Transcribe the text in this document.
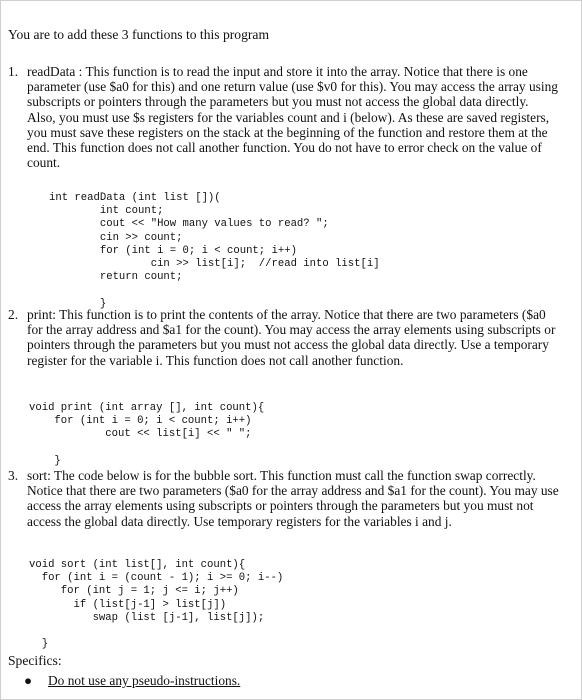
You are to add these 3 functions to this program
1. readData : This function is to read the input and store it into the array. Notice that there is one parameter (use $a0 for this) and one return value (use $v0 for this). You may access the array using subscripts or pointers through the parameters but you must not access the global data directly. Also, you must use $s registers for the variables count and i (below). As these are saved registers, you must save these registers on the stack at the beginning of the function and restore them at the end. This function does not call another function. You do not have to error check on the value of count.
int readData (int list [])(
int count;
cout << "How many values to read? ";
cin >> count;
for (int i = 0; i < count; i++)
cin >> list[i];  //read into list[i]
return count;

}
2. print: This function is to print the contents of the array. Notice that there are two parameters ($a0 for the array address and $a1 for the count). You may access the array elements using subscripts or pointers through the parameters but you must not access the global data directly. Use a temporary register for the variable i. This function does not call another function.
void print (int array [], int count){
for (int i = 0; i < count; i++)
cout << list[i] << " ";

}
3. sort: The code below is for the bubble sort. This function must call the function swap correctly. Notice that there are two parameters ($a0 for the array address and $a1 for the count). You may use access the array elements using subscripts or pointers through the parameters but you must not access the global data directly. Use temporary registers for the variables i and j.
void sort (int list[], int count){
for (int i = (count - 1); i >= 0; i--)
for (int j = 1; j <= i; j++)
if (list[j-1] > list[j])
swap (list [j-1], list[j]);

}
Specifics:
● Do not use any pseudo-instructions.
